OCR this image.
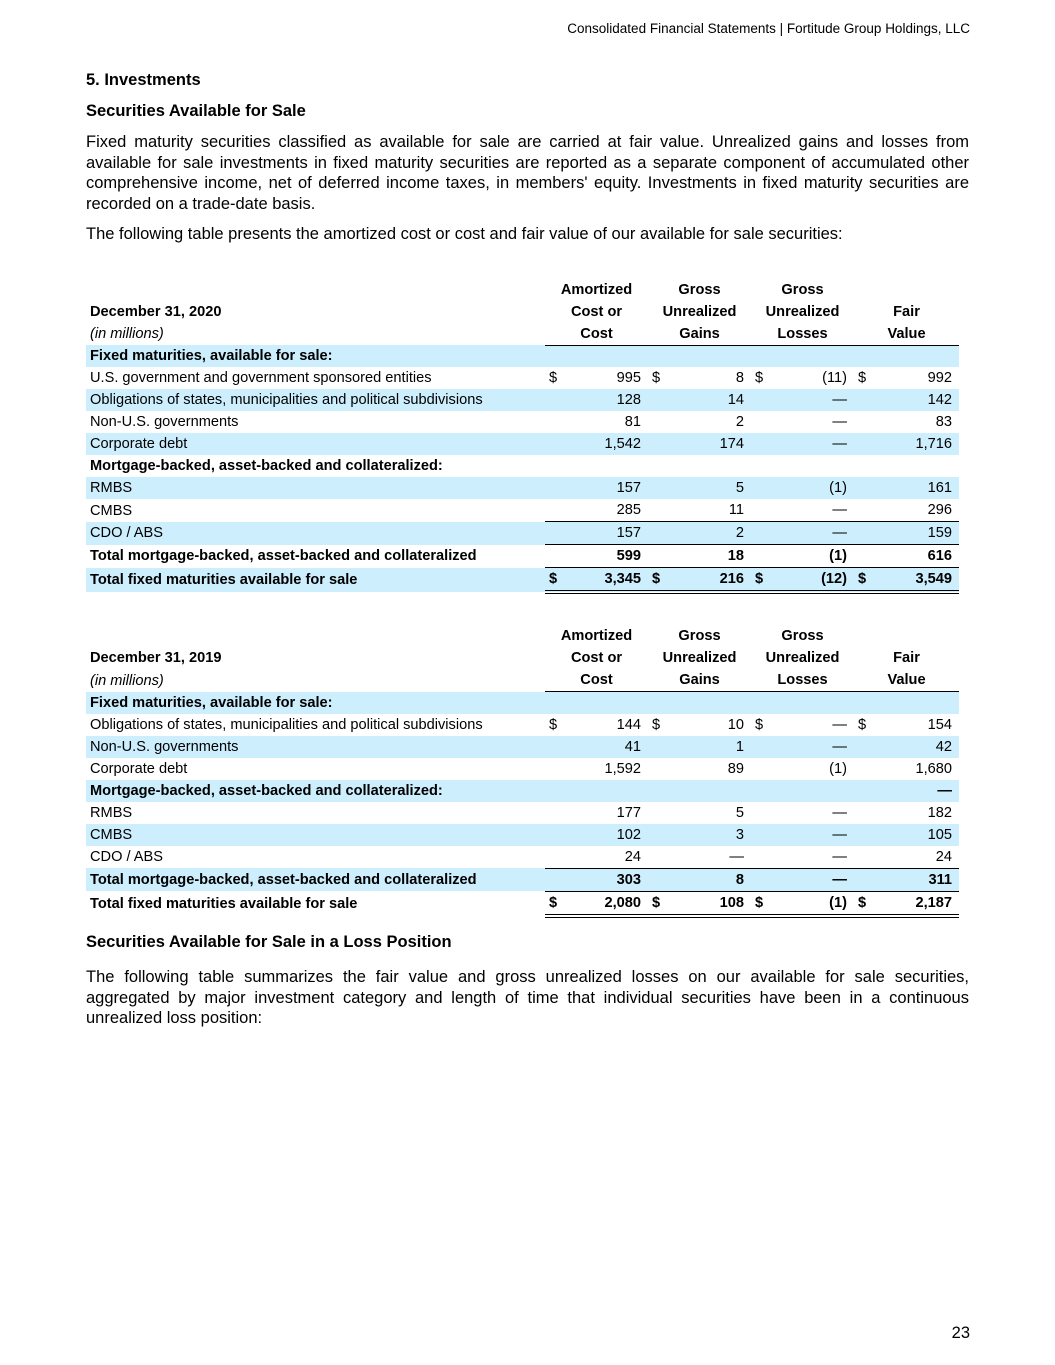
Consolidated Financial Statements | Fortitude Group Holdings, LLC
5. Investments
Securities Available for Sale

Fixed maturity securities classified as available for sale are carried at fair value. Unrealized gains and losses from available for sale investments in fixed maturity securities are reported as a separate component of accumulated other comprehensive income, net of deferred income taxes, in members' equity. Investments in fixed maturity securities are recorded on a trade-date basis.

The following table presents the amortized cost or cost and fair value of our available for sale securities:

	Amortized		Gross		Gross			
December 31, 2020	Cost or		Unrealized		Unrealized		Fair	
(in millions)	Cost		Gains		Losses		Value	
Fixed maturities, available for sale:								
U.S. government and government sponsored entities	$	995	$	8	$	(11)	$	992
Obligations of states, municipalities and political subdivisions		128		14		—		142
Non-U.S. governments		81		2		—		83
Corporate debt		1,542		174		—		1,716
Mortgage-backed, asset-backed and collateralized:								
RMBS		157		5		(1)		161
CMBS		285		11		—		296
CDO / ABS		157		2		—		159
Total mortgage-backed, asset-backed and collateralized		599		18		(1)		616
Total fixed maturities available for sale	$	3,345	$	216	$	(12)	$	3,549
	Amortized		Gross		Gross			
December 31, 2019	Cost or		Unrealized		Unrealized		Fair	
(in millions)	Cost		Gains		Losses		Value	
Fixed maturities, available for sale:								
Obligations of states, municipalities and political subdivisions	$	144	$	10	$	—	$	154
Non-U.S. governments		41		1		—		42
Corporate debt		1,592		89		(1)		1,680
Mortgage-backed, asset-backed and collateralized:								—
RMBS		177		5		—		182
CMBS		102		3		—		105
CDO / ABS		24		—		—		24
Total mortgage-backed, asset-backed and collateralized		303		8		—		311
Total fixed maturities available for sale	$	2,080	$	108	$	(1)	$	2,187
Securities Available for Sale in a Loss Position

The following table summarizes the fair value and gross unrealized losses on our available for sale securities, aggregated by major investment category and length of time that individual securities have been in a continuous unrealized loss position:

23
